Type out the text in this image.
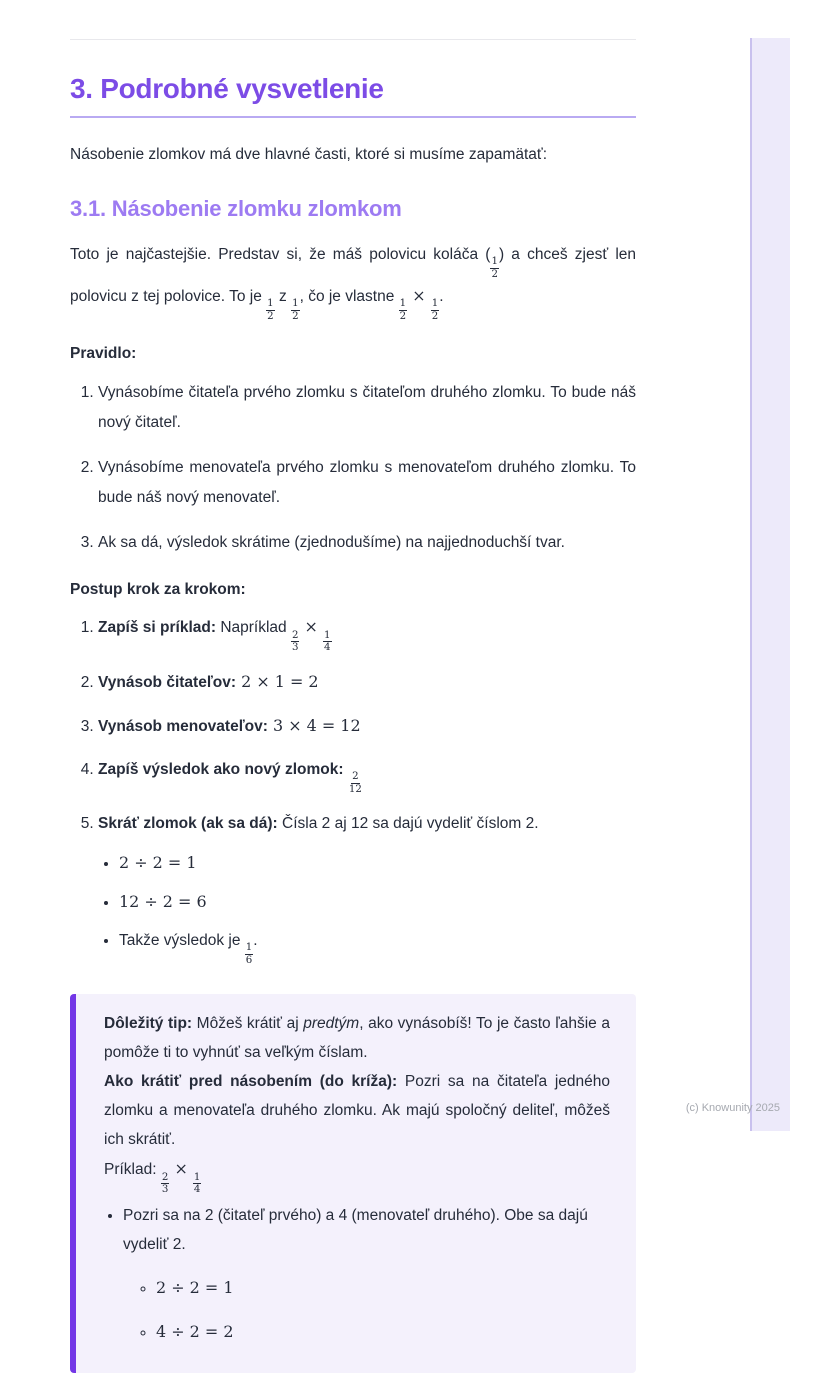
3. Podrobné vysvetlenie

Násobenie zlomkov má dve hlavné časti, ktoré si musíme zapamätať:

3.1. Násobenie zlomku zlomkom

Toto je najčastejšie. Predstav si, že máš polovicu koláča (
$\frac{1}{2}$
) a chceš zjesť len polovicu z tej polovice. To je
$\frac{1}{2}$
z
$\frac{1}{2}$
, čo je vlastne
$\frac{1}{2}$
×
$\frac{1}{2}$
.

Pravidlo:

1. Vynásobíme čitateľa prvého zlomku s čitateľom druhého zlomku. To bude náš nový čitateľ.
2. Vynásobíme menovateľa prvého zlomku s menovateľom druhého zlomku. To bude náš nový menovateľ.
3. Ak sa dá, výsledok skrátime (zjednodušíme) na najjednoduchší tvar.

Postup krok za krokom:

1. Zapíš si príklad: Napríklad
$\frac{2}{3}$
×
$\frac{1}{4}$
2. Vynásob čitateľov: 2 × 1 = 2
3. Vynásob menovateľov: 3 × 4 = 12
4. Zapíš výsledok ako nový zlomok:
$\frac{2}{12}$
5. Skráť zlomok (ak sa dá): Čísla 2 aj 12 sa dajú vydeliť číslom 2.
• 2 ÷ 2 = 1
• 12 ÷ 2 = 6
• Takže výsledok je
$\frac{1}{6}$
.

Dôležitý tip: Môžeš krátiť aj predtým, ako vynásobíš! To je často ľahšie a pomôže ti to vyhnúť sa veľkým číslam.

Ako krátiť pred násobením (do kríža): Pozri sa na čitateľa jedného zlomku a menovateľa druhého zlomku. Ak majú spoločný deliteľ, môžeš ich skrátiť.

Príklad:
$\frac{2}{3}$
×
$\frac{1}{4}$

• Pozri sa na 2 (čitateľ prvého) a 4 (menovateľ druhého). Obe sa dajú vydeliť 2.
◦ 2 ÷ 2 = 1
◦ 4 ÷ 2 = 2
(c) Knowunity 2025
